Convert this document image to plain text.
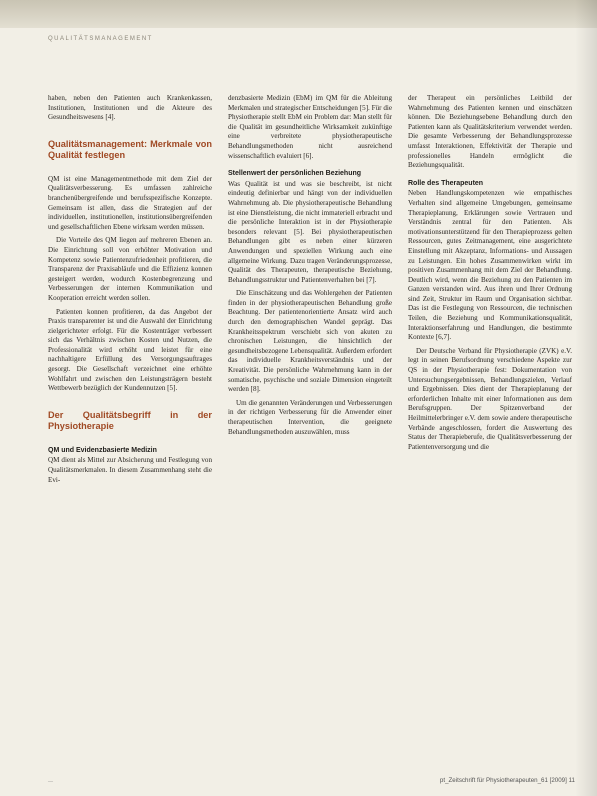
QUALITÄTSMANAGEMENT

haben, neben den Patienten auch Krankenkassen, Institutionen, Institutionen und die Akteure des Gesundheitswesens [4].

Qualitätsmanagement: Merkmale von Qualität festlegen

QM ist eine Managementmethode mit dem Ziel der Qualitätsverbesserung. Es umfassen zahlreiche branchenübergreifende und berufsspezifische Konzepte. Gemeinsam ist allen, dass die Strategien auf der individuellen, institutionellen, institutionsübergreifenden und gesellschaftlichen Ebene wirksam werden müssen.

Die Vorteile des QM liegen auf mehreren Ebenen an. Die Einrichtung soll von erhöhter Motivation und Kompetenz sowie Patientenzufriedenheit profitieren, die Transparenz der Praxisabläufe und die Effizienz konnen gesteigert werden, wodurch Kostenbegrenzung und Verbesserungen der internen Kommunikation und Kooperation erreicht werden sollen.

Patienten konnen profitieren, da das Angebot der Praxis transparenter ist und die Auswahl der Einrichtung zielgerichteter erfolgt. Für die Kostenträger verbessert sich das Verhältnis zwischen Kosten und Nutzen, die Professionalität wird erhöht und leistet für eine nachhaltigere Erfüllung des Versorgungsauftrages gesorgt. Die Gesellschaft verzeichnet eine erhöhte Wohlfahrt und zwischen den Leistungsträgern besteht Wettbewerb bezüglich der Kundennutzen [5].

Der Qualitätsbegriff in der Physiotherapie
QM und Evidenzbasierte Medizin

QM dient als Mittel zur Absicherung und Festlegung von Qualitätsmerkmalen. In diesem Zusammenhang steht die Evi-

denzbasierte Medizin (EbM) im QM für die Ableitung Merkmalen und strategischer Entscheidungen [5]. Für die Physiotherapie stellt EbM ein Problem dar: Man stellt für die Qualität im gesundheitliche Wirksamkeit zukünftige eine verbreitete physiotherapeutische Behandlungsmethoden nicht ausreichend wissenschaftlich evaluiert [6].

Stellenwert der persönlichen Beziehung

Was Qualität ist und was sie beschreibt, ist nicht eindeutig definierbar und hängt von der individuellen Wahrnehmung ab. Die physiotherapeutische Behandlung ist eine Dienstleistung, die nicht immateriell erbracht und die persönliche Interaktion ist in der Physiotherapie besonders relevant [5]. Bei physiotherapeutischen Behandlungen gibt es neben einer kürzeren Anwendungen und speziellen Wirkung auch eine allgemeine Wirkung. Dazu tragen Veränderungsprozesse, Qualität des Therapeuten, therapeutische Beziehung, Behandlungsstruktur und Patientenverhalten bei [7].

Die Einschätzung und das Wohlergehen der Patienten finden in der physiotherapeutischen Behandlung große Beachtung. Der patientenorientierte Ansatz wird auch durch den demographischen Wandel geprägt. Das Krankheitsspektrum verschiebt sich von akuten zu chronischen Leistungen, die hinsichtlich der gesundheitsbezogene Lebensqualität. Außerdem erfordert das individuelle Krankheitsverständnis und der Kreativität. Die persönliche Wahrnehmung kann in der somatische, psychische und soziale Dimension eingeteilt werden [8].

Um die genannten Veränderungen und Verbesserungen in der richtigen Verbesserung für die Anwender einer therapeutischen Intervention, die geeignete Behandlungsmethoden auszuwählen, muss

der Therapeut ein persönliches Leitbild der Wahrnehmung des Patienten kennen und einschätzen können. Die Beziehungsebene Behandlung durch den Patienten kann als Qualitätskriterium verwendet werden. Die gesamte Verbesserung der Behandlungsprozesse umfasst Interaktionen, Effektivität der Therapie und professionelles Handeln ermöglicht die Beziehungsqualität.

Rolle des Therapeuten

Neben Handlungskompetenzen wie empathisches Verhalten sind allgemeine Umgebungen, gemeinsame Therapieplanung, Erklärungen sowie Vertrauen und Verständnis zentral für den Patienten. Als motivationsunterstützend für den Therapieprozess gelten Ressourcen, gutes Zeitmanagement, eine ausgerichtete Einstellung mit Akzeptanz, Informations- und Aussagen zu Leistungen. Ein hohes Zusammenwirken wirkt im positiven Zusammenhang mit dem Ziel der Behandlung. Deutlich wird, wenn die Beziehung zu den Patienten im Ganzen verstanden wird. Aus ihren und Ihrer Ordnung sind Zeit, Struktur im Raum und Organisation sichtbar. Das ist die Festlegung von Ressourcen, die technischen Teilen, die Beziehung und Kommunikationsqualität, Interaktionserfahrung und Handlungen, die bestimmte Kontexte [6,7].

Der Deutsche Verband für Physiotherapie (ZVK) e.V. legt in seinen Berufsordnung verschiedene Aspekte zur QS in der Physiotherapie fest: Dokumentation von Untersuchungsergebnissen, Behandlungszielen, Verlauf und Ergebnissen. Dies dient der Therapieplanung der erforderlichen Inhalte mit einer Informationen aus dem Berufsgruppen. Der Spitzenverband der Heilmittelerbringer e.V. dem sowie andere therapeutische Verbände angeschlossen, fordert die Auswertung des Status der Therapieberufe, die Qualitätsverbesserung der Patientenversorgung und die

—	pt_Zeitschrift für Physiotherapeuten_61 [2009] 11
